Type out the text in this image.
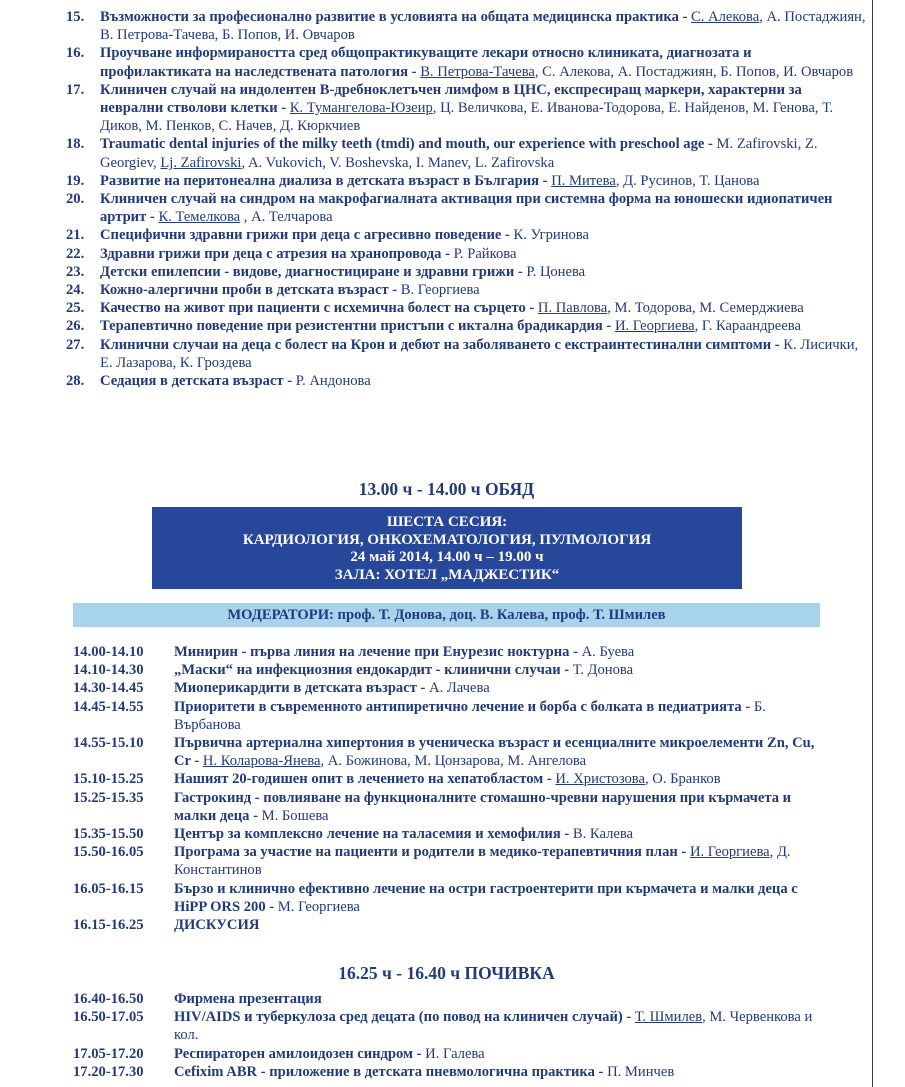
15.	Възможности за професионално развитие в условията на общата медицинска практика - С. Алекова, А. Постаджиян, В. Петрова-Тачева, Б. Попов, И. Овчаров
16.	Проучване информираността сред общопрактикуващите лекари относно клиниката, диагнозата и профилактиката на наследствената патология - В. Петрова-Тачева, С. Алекова, А. Постаджиян, Б. Попов, И. Овчаров
17.	Клиничен случай на индолентен В-дребноклетъчен лимфом в ЦНС, експресиращ маркери, характерни за неврални стволови клетки - К. Тумангелова-Юзеир, Ц. Величкова, Е. Иванова-Тодорова, Е. Найденов, М. Генова, Т. Диков, М. Пенков, С. Начев, Д. Кюркчиев
18.	Traumatic dental injuries of the milky teeth (tmdi) and mouth, our experience with preschool age - M. Zafirovski, Z. Georgiev, Lj. Zafirovski, A. Vukovich, V. Boshevska, I. Manev, L. Zafirovska
19.	Развитие на перитонеална диализа в детската възраст в България - П. Митева, Д. Русинов, Т. Цанова
20.	Клиничен случай на синдром на макрофагиалната активация при системна форма на юношески идиопатичен артрит - К. Темелкова , А. Телчарова
21.	Специфични здравни грижи при деца с агресивно поведение - К. Угринова
22.	Здравни грижи при деца с атрезия на хранопровода - Р. Райкова
23.	Детски епилепсии - видове, диагностициране и здравни грижи - Р. Цонева
24.	Кожно-алергични проби в детската възраст - В. Георгиева
25.	Качество на живот при пациенти с исхемична болест на сърцето - П. Павлова, М. Тодорова, М. Семерджиева
26.	Терапевтично поведение при резистентни пристъпи с иктална брадикардия - И. Георгиева, Г. Караандреева
27.	Клинични случаи на деца с болест на Крон и дебют на заболяването с екстраинтестинални симптоми - К. Лисички, Е. Лазарова, К. Гроздева
28.	Седация в детската възраст - Р. Андонова
13.00 ч - 14.00 ч ОБЯД
ШЕСТА СЕСИЯ:
КАРДИОЛОГИЯ, ОНКОХЕМАТОЛОГИЯ, ПУЛМОЛОГИЯ
24 май 2014, 14.00 ч – 19.00 ч
ЗАЛА: ХОТЕЛ „МАДЖЕСТИК“
МОДЕРАТОРИ: проф. Т. Донова, доц. В. Калева, проф. Т. Шмилев
14.00-14.10	Минирин - първа линия на лечение при Енурезис ноктурна - А. Буева
14.10-14.30	„Маски“ на инфекциозния ендокардит - клинични случаи - Т. Донова
14.30-14.45	Миоперикардити в детската възраст - А. Лачева
14.45-14.55	Приоритети в съвременното антипиретично лечение и борба с болката в педиатрията - Б. Върбанова
14.55-15.10	Първична артериална хипертония в ученическа възраст и есенциалните микроелементи Zn, Cu, Cr - Н. Коларова-Янева, А. Божинова, М. Цонзарова, М. Ангелова
15.10-15.25	Нашият 20-годишен опит в лечението на хепатобластом - И. Христозова, О. Бранков
15.25-15.35	Гастрокинд - повлияване на функционалните стомашно-чревни нарушения при кърмачета и малки деца - М. Бошева
15.35-15.50	Център за комплексно лечение на таласемия и хемофилия - В. Калева
15.50-16.05	Програма за участие на пациенти и родители в медико-терапевтичния план - И. Георгиева, Д. Константинов
16.05-16.15	Бързо и клинично ефективно лечение на остри гастроентерити при кърмачета и малки деца с HiPP ORS 200 - М. Георгиева
16.15-16.25	ДИСКУСИЯ
16.25 ч - 16.40 ч ПОЧИВКА
16.40-16.50	Фирмена презентация
16.50-17.05	HIV/AIDS и туберкулоза сред децата (по повод на клиничен случай) - Т. Шмилев, М. Червенкова и кол.
17.05-17.20	Респираторен амилоидозен синдром - И. Галева
17.20-17.30	Cefixim ABR - приложение в детската пневмологична практика - П. Минчев
